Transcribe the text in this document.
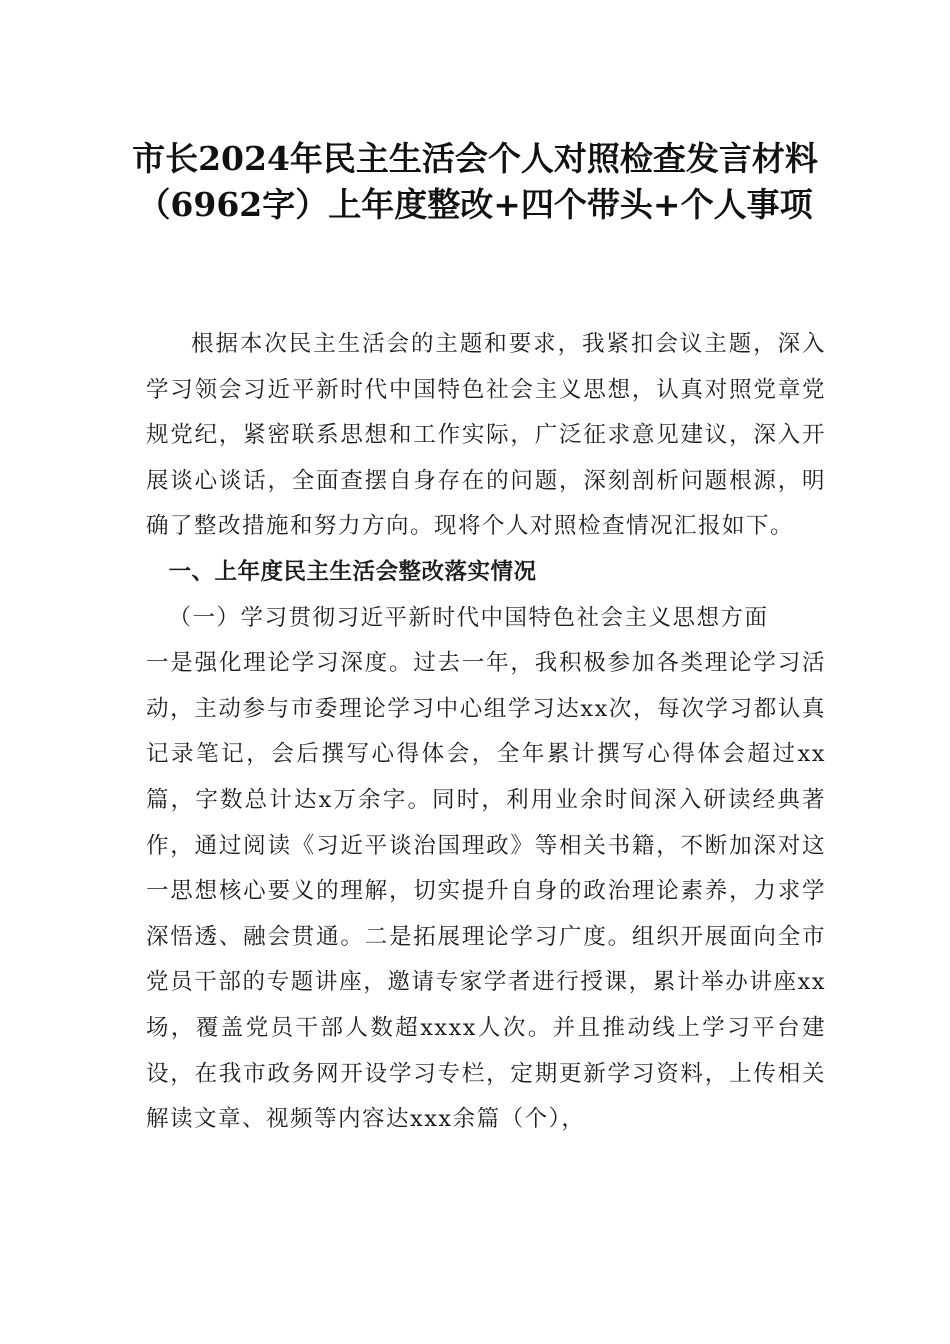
市长2024年民主生活会个人对照检查发言材料（6962字）上年度整改+四个带头+个人事项

根据本次民主生活会的主题和要求，我紧扣会议主题，深入学习领会习近平新时代中国特色社会主义思想，认真对照党章党规党纪，紧密联系思想和工作实际，广泛征求意见建议，深入开展谈心谈话，全面查摆自身存在的问题，深刻剖析问题根源，明确了整改措施和努力方向。现将个人对照检查情况汇报如下。

一、上年度民主生活会整改落实情况

（一）学习贯彻习近平新时代中国特色社会主义思想方面

一是强化理论学习深度。过去一年，我积极参加各类理论学习活动，主动参与市委理论学习中心组学习达xx次，每次学习都认真记录笔记，会后撰写心得体会，全年累计撰写心得体会超过xx篇，字数总计达x万余字。同时，利用业余时间深入研读经典著作，通过阅读《习近平谈治国理政》等相关书籍，不断加深对这一思想核心要义的理解，切实提升自身的政治理论素养，力求学深悟透、融会贯通。二是拓展理论学习广度。组织开展面向全市党员干部的专题讲座，邀请专家学者进行授课，累计举办讲座xx场，覆盖党员干部人数超xxxx人次。并且推动线上学习平台建设，在我市政务网开设学习专栏，定期更新学习资料，上传相关解读文章、视频等内容达xxx余篇（个），
